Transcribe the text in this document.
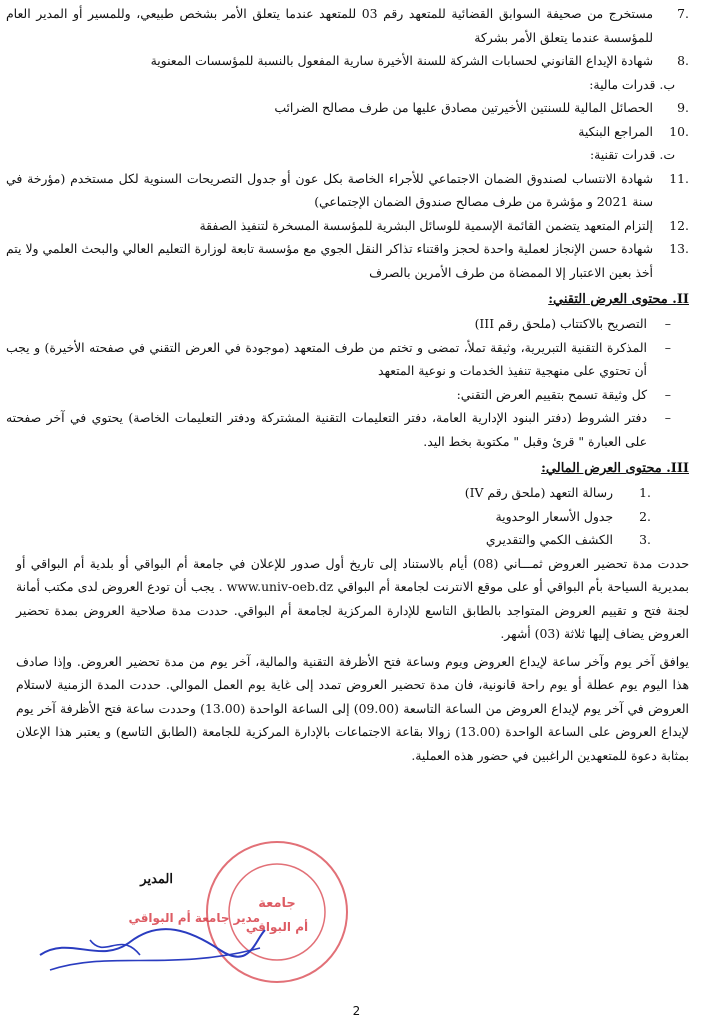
7.
مستخرج من صحيفة السوابق القضائية للمتعهد رقم 03 للمتعهد عندما يتعلق الأمر بشخص طبيعي، وللمسير أو المدير العام للمؤسسة عندما يتعلق الأمر بشركة
8.
شهادة الإيداع القانوني لحسابات الشركة للسنة الأخيرة سارية المفعول بالنسبة للمؤسسات المعنوية
ب. قدرات مالية:
9.
الحصائل المالية للسنتين الأخيرتين مصادق عليها من طرف مصالح الضرائب
10.
المراجع البنكية
ت. قدرات تقنية:
11.
شهادة الانتساب لصندوق الضمان الاجتماعي للأجراء الخاصة بكل عون أو جدول التصريحات السنوية لكل مستخدم (مؤرخة في سنة 2021 و مؤشرة من طرف مصالح صندوق الضمان الإجتماعي)
12.
إلتزام المتعهد يتضمن القائمة الإسمية للوسائل البشرية للمؤسسة المسخرة لتنفيذ الصفقة
13.
شهادة حسن الإنجاز لعملية واحدة لحجز واقتناء تذاكر النقل الجوي مع مؤسسة تابعة لوزارة التعليم العالي والبحث العلمي ولا يتم أخذ بعين الاعتبار إلا الممضاة من طرف الأمرين بالصرف
II. محتوى العرض التقني:
–
التصريح بالاكتتاب (ملحق رقم III)
–
المذكرة التقنية التبريرية، وثيقة تملأ، تمضى و تختم من طرف المتعهد (موجودة في العرض التقني في صفحته الأخيرة) و يجب أن تحتوي على منهجية تنفيذ الخدمات و نوعية المتعهد
–
كل وثيقة تسمح بتقييم العرض التقني:
–
دفتر الشروط (دفتر البنود الإدارية العامة، دفتر التعليمات التقنية المشتركة ودفتر التعليمات الخاصة) يحتوي في آخر صفحته على العبارة " قرئ وقبل " مكتوبة بخط اليد.
III. محتوى العرض المالي:
1.
رسالة التعهد (ملحق رقم IV)
2.
جدول الأسعار الوحدوية
3.
الكشف الكمي والتقديري

حددت مدة تحضير العروض ثمـــاني (08) أيام بالاستناد إلى تاريخ أول صدور للإعلان في جامعة أم البواقي أو بلدية أم البواقي أو بمديرية السياحة بأم البواقي أو على موقع الانترنت لجامعة أم البواقي www.univ-oeb.dz . يجب أن تودع العروض لدى مكتب أمانة لجنة فتح و تقييم العروض المتواجد بالطابق التاسع للإدارة المركزية لجامعة أم البواقي. حددت مدة صلاحية العروض بمدة تحضير العروض يضاف إليها ثلاثة (03) أشهر.

يوافق آخر يوم وآخر ساعة لإيداع العروض ويوم وساعة فتح الأظرفة التقنية والمالية، آخر يوم من مدة تحضير العروض. وإذا صادف هذا اليوم يوم عطلة أو يوم راحة قانونية، فان مدة تحضير العروض تمدد إلى غاية يوم العمل الموالي. حددت المدة الزمنية لاستلام العروض في آخر يوم لإيداع العروض من الساعة التاسعة (09.00) إلى الساعة الواحدة (13.00) وحددت ساعة فتح الأظرفة آخر يوم لإيداع العروض على الساعة الواحدة (13.00) زوالا بقاعة الاجتماعات بالإدارة المركزية للجامعة (الطابق التاسع) و يعتبر هذا الإعلان بمثابة دعوة للمتعهدين الراغبين في حضور هذه العملية.

المدير
جامعة
أم البواقي
مدير جامعة أم البواقي
2
